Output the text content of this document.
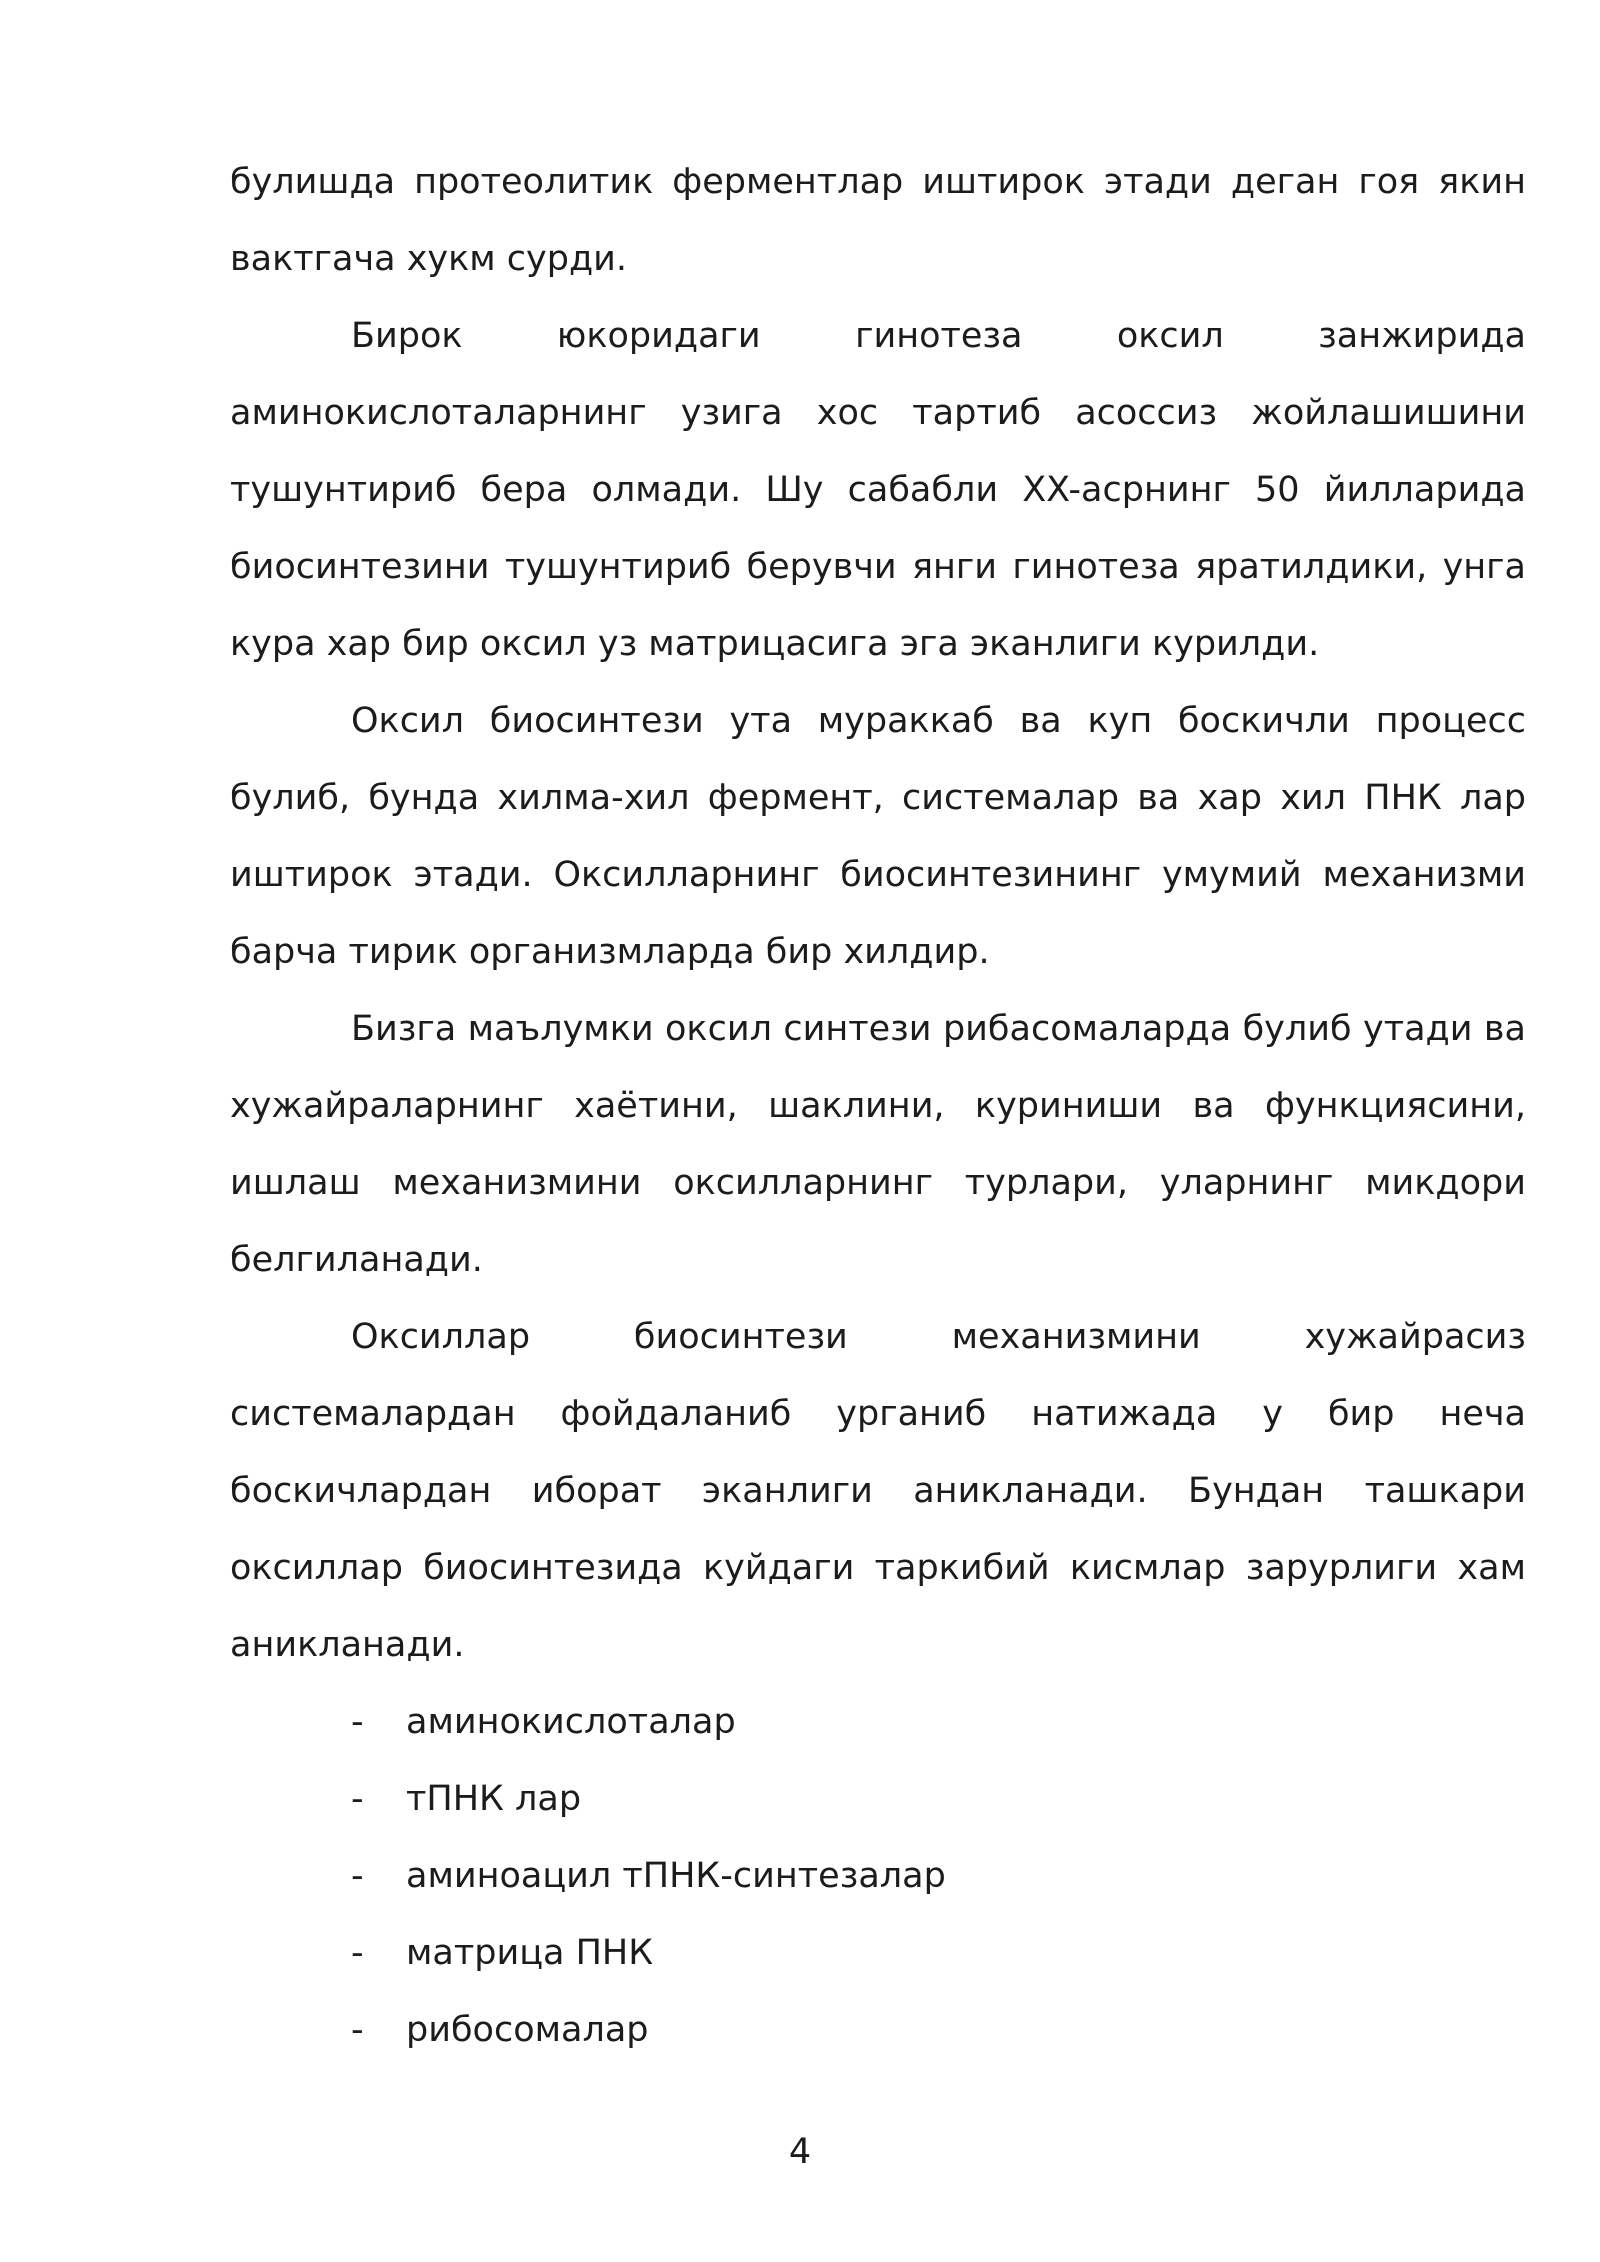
булишда протеолитик ферментлар иштирок этади деган гоя якин вактгача хукм сурди.

Бирок юкоридаги гинотеза оксил занжирида аминокислоталарнинг узига хос тартиб асоссиз жойлашишини тушунтириб бера олмади. Шу сабабли XX-асрнинг 50 йилларида биосинтезини тушунтириб берувчи янги гинотеза яратилдики, унга кура хар бир оксил уз матрицасига эга эканлиги курилди.

Оксил биосинтези ута мураккаб ва куп боскичли процесс булиб, бунда хилма-хил фермент, системалар ва хар хил ПНК лар иштирок этади. Оксилларнинг биосинтезининг умумий механизми барча тирик организмларда бир хилдир.

Бизга маълумки оксил синтези рибасомаларда булиб утади ва хужайраларнинг хаётини, шаклини, куриниши ва функциясини, ишлаш механизмини оксилларнинг турлари, уларнинг микдори белгиланади.

Оксиллар биосинтези механизмини хужайрасиз системалардан фойдаланиб урганиб натижада у бир неча боскичлардан иборат эканлиги аникланади. Бундан ташкари оксиллар биосинтезида куйдаги таркибий кисмлар зарурлиги хам аникланади.

- аминокислоталар
- тПНК лар
- аминоацил тПНК-синтезалар
- матрица ПНК
- рибосомалар
4
